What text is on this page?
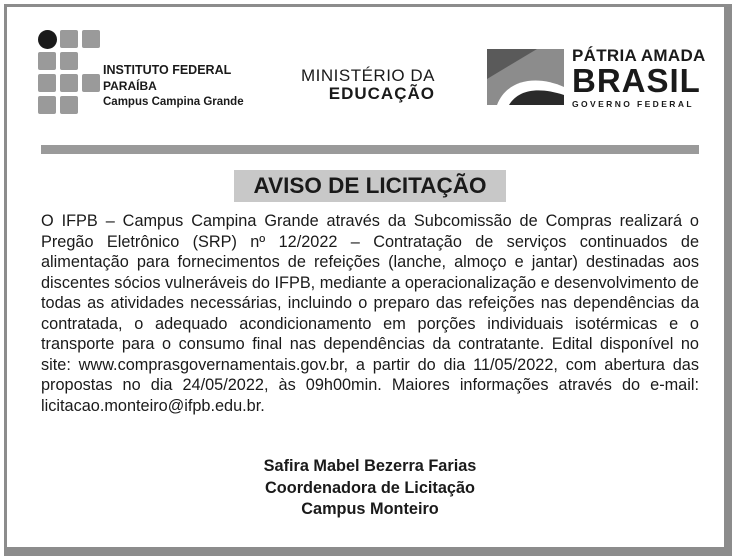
INSTITUTO FEDERAL
PARAÍBA
Campus Campina Grande
MINISTÉRIO DA
EDUCAÇÃO
PÁTRIA AMADA
BRASIL
GOVERNO FEDERAL
AVISO DE LICITAÇÃO
O IFPB – Campus Campina Grande através da Subcomissão de Compras realizará o Pregão Eletrônico (SRP) nº 12/2022 – Contratação de serviços continuados de alimentação para fornecimentos de refeições (lanche, almoço e jantar) destinadas aos discentes sócios vulneráveis do IFPB, mediante a operacionalização e desenvolvimento de todas as atividades necessárias, incluindo o preparo das refeições nas dependências da contratada, o adequado acondicionamento em porções individuais isotérmicas e o transporte para o consumo final nas dependências da contratante. Edital disponível no site: www.comprasgovernamentais.gov.br, a partir do dia 11/05/2022, com abertura das propostas no dia 24/05/2022, às 09h00min. Maiores informações através do e-mail: licitacao.monteiro@ifpb.edu.br.
Safira Mabel Bezerra Farias
Coordenadora de Licitação
Campus Monteiro
